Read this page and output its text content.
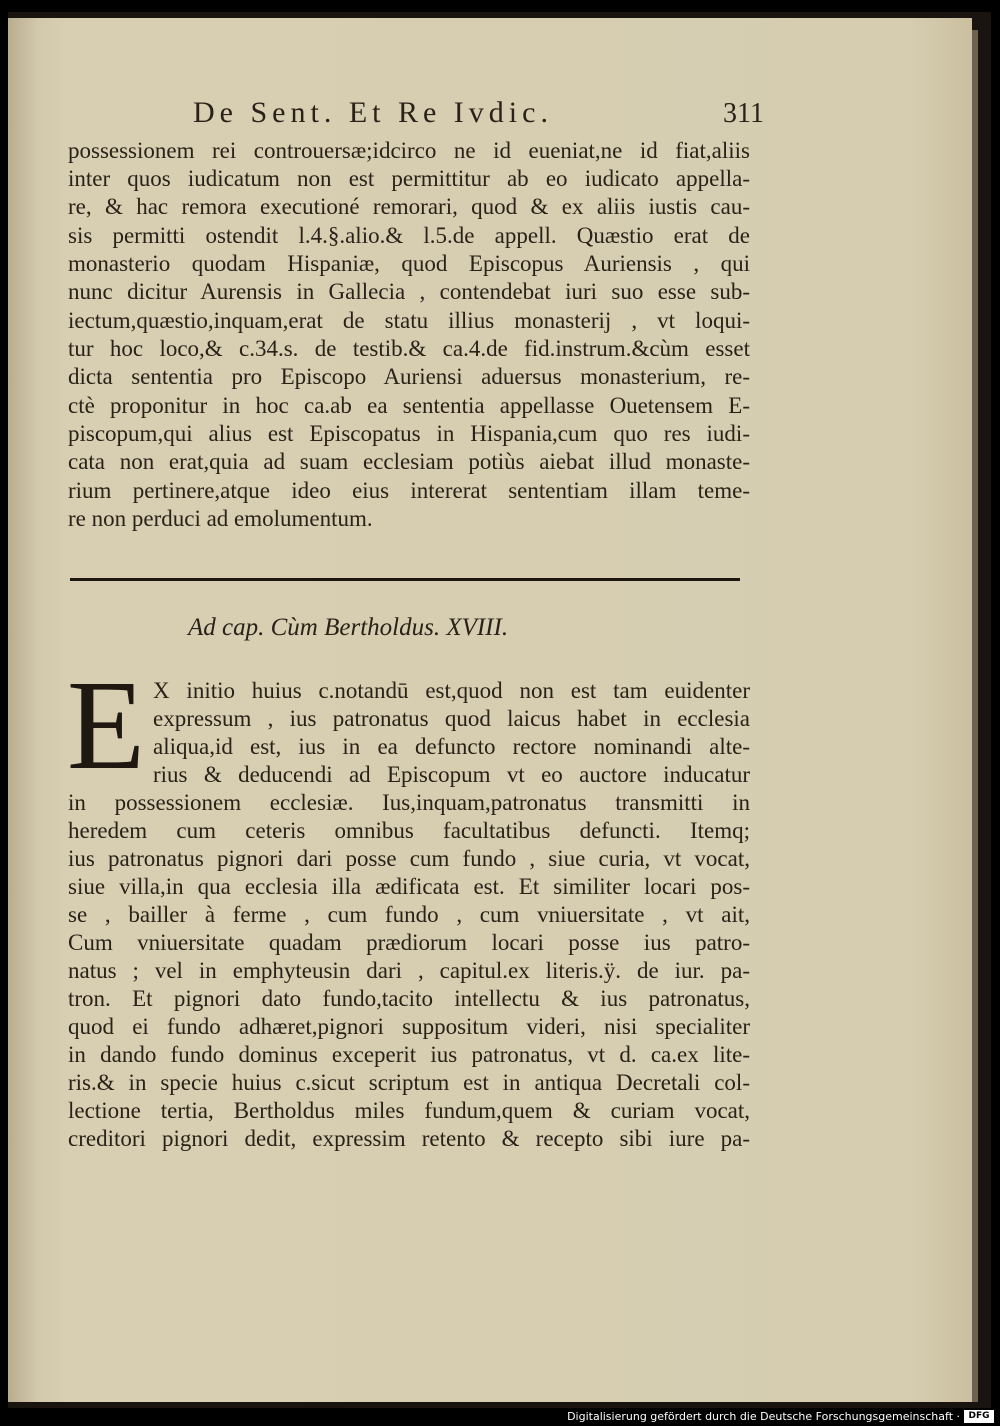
De Sent. Et Re Ivdic.	311
possessionem rei controuersæ;idcirco ne id eueniat,ne id fiat,aliis
inter quos iudicatum non est permittitur ab eo iudicato appella-
re, & hac remora executioné remorari, quod & ex aliis iustis cau-
sis permitti ostendit l.4.§.alio.& l.5.de appell. Quæstio erat de
monasterio quodam Hispaniæ, quod Episcopus Auriensis , qui
nunc dicitur Aurensis in Gallecia , contendebat iuri suo esse sub-
iectum,quæstio,inquam,erat de statu illius monasterij , vt loqui-
tur hoc loco,& c.34.s. de testib.& ca.4.de fid.instrum.&cùm esset
dicta sententia pro Episcopo Auriensi aduersus monasterium, re-
ctè proponitur in hoc ca.ab ea sententia appellasse Ouetensem E-
piscopum,qui alius est Episcopatus in Hispania,cum quo res iudi-
cata non erat,quia ad suam ecclesiam potiùs aiebat illud monaste-
rium pertinere,atque ideo eius intererat sententiam illam teme-
re non perduci ad emolumentum.
Ad cap. Cùm Bertholdus. XVIII.
E X initio huius c.notandū est,quod non est tam euidenter
expressum , ius patronatus quod laicus habet in ecclesia
aliqua,id est, ius in ea defuncto rectore nominandi alte-
rius & deducendi ad Episcopum vt eo auctore inducatur
in possessionem ecclesiæ. Ius,inquam,patronatus transmitti in
heredem cum ceteris omnibus facultatibus defuncti. Itemq;
ius patronatus pignori dari posse cum fundo , siue curia, vt vocat,
siue villa,in qua ecclesia illa ædificata est. Et similiter locari pos-
se , bailler à ferme , cum fundo , cum vniuersitate , vt ait,
Cum vniuersitate quadam prædiorum locari posse ius patro-
natus ; vel in emphyteusin dari , capitul.ex literis.ÿ. de iur. pa-
tron. Et pignori dato fundo,tacito intellectu & ius patronatus,
quod ei fundo adhæret,pignori suppositum videri, nisi specialiter
in dando fundo dominus exceperit ius patronatus, vt d. ca.ex lite-
ris.& in specie huius c.sicut scriptum est in antiqua Decretali col-
lectione tertia, Bertholdus miles fundum,quem & curiam vocat,
creditori pignori dedit, expressim retento & recepto sibi iure pa-
Digitalisierung gefördert durch die Deutsche Forschungsgemeinschaft · DFG
